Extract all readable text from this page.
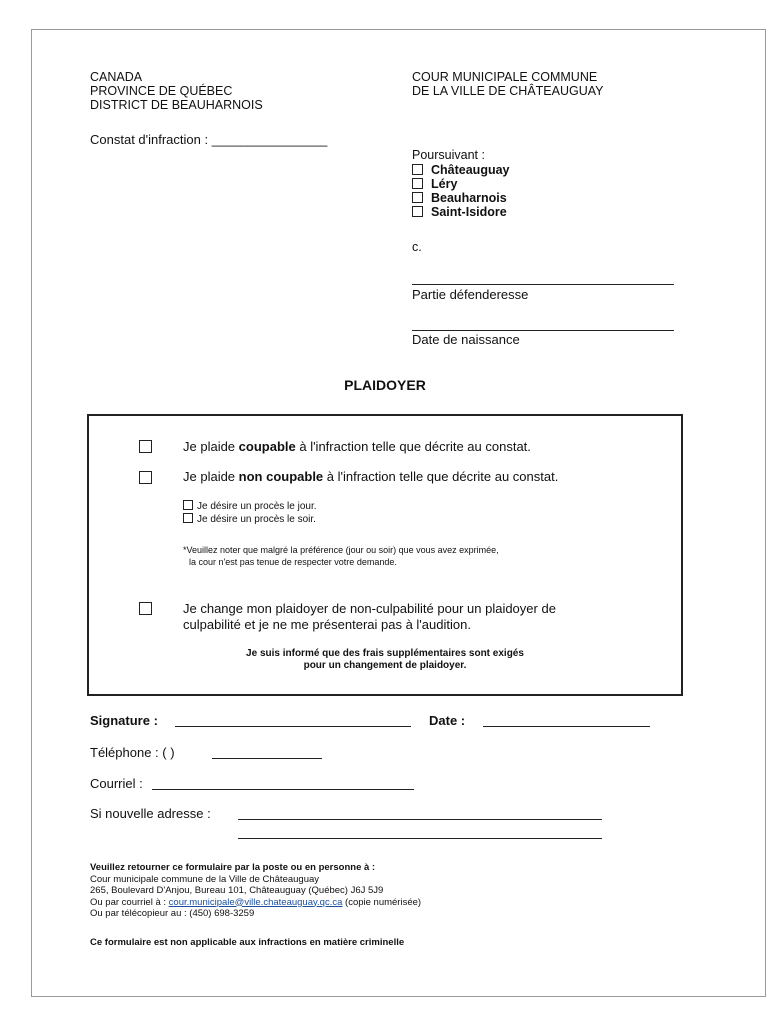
CANADA
PROVINCE DE QUÉBEC
DISTRICT DE BEAUHARNOIS
Constat d'infraction : ________________
COUR MUNICIPALE COMMUNE
DE LA VILLE DE CHÂTEAUGUAY
Poursuivant :
Châteauguay
Léry
Beauharnois
Saint-Isidore
c.
Partie défenderesse
Date de naissance
PLAIDOYER
Je plaide coupable à l'infraction telle que décrite au constat.
Je plaide non coupable à l'infraction telle que décrite au constat.
Je désire un procès le jour.
Je désire un procès le soir.
*Veuillez noter que malgré la préférence (jour ou soir) que vous avez exprimée,
la cour n'est pas tenue de respecter votre demande.
Je change mon plaidoyer de non-culpabilité pour un plaidoyer de
culpabilité et je ne me présenterai pas à l'audition.
Je suis informé que des frais supplémentaires sont exigés
pour un changement de plaidoyer.
Signature :	Date :
Téléphone : ( )
Courriel :
Si nouvelle adresse :
Veuillez retourner ce formulaire par la poste ou en personne à :
Cour municipale commune de la Ville de Châteauguay
265, Boulevard D'Anjou, Bureau 101, Châteauguay (Québec) J6J 5J9
Ou par courriel à : cour.municipale@ville.chateauguay.qc.ca (copie numérisée)
Ou par télécopieur au : (450) 698-3259
Ce formulaire est non applicable aux infractions en matière criminelle
